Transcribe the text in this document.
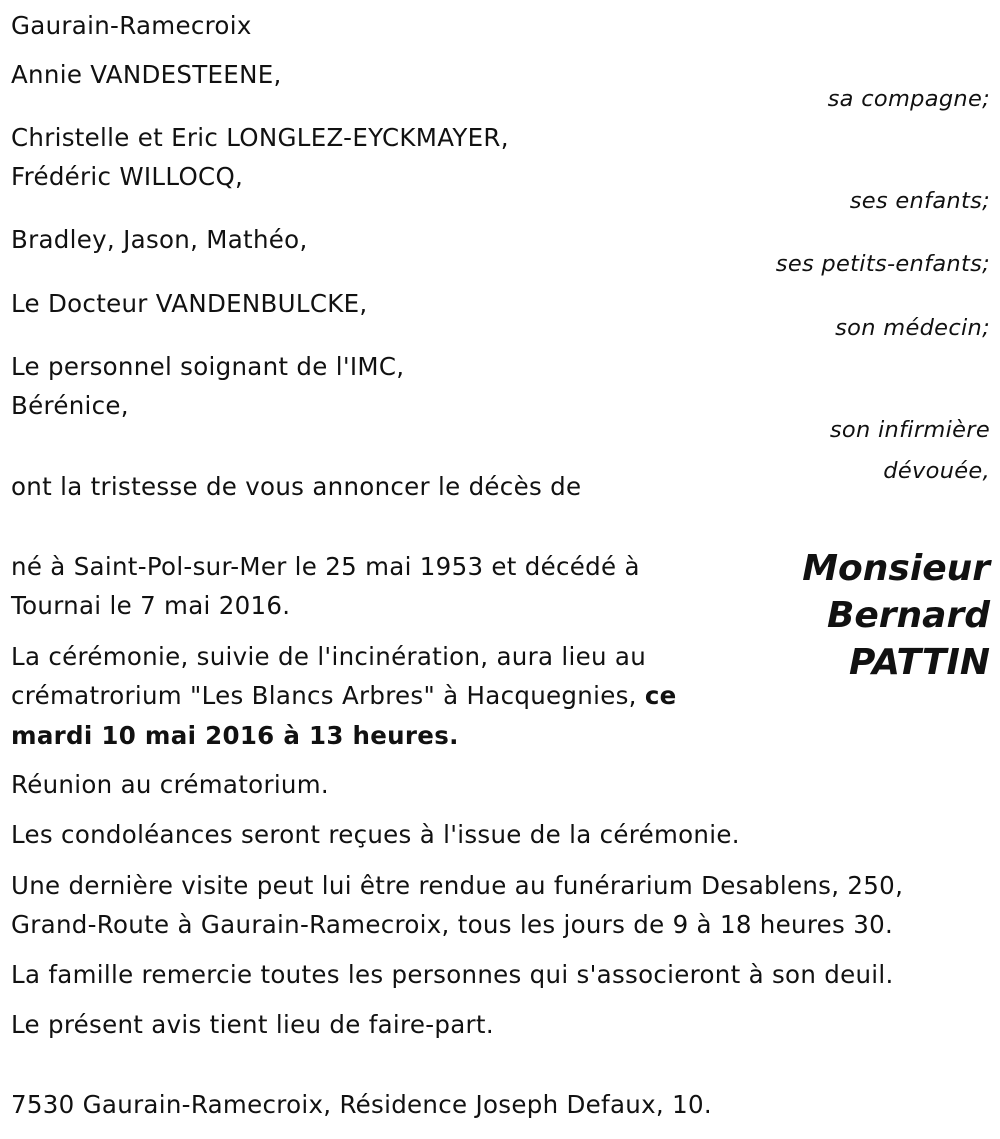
Gaurain-Ramecroix
Annie VANDESTEENE,
sa compagne;
Christelle et Eric LONGLEZ-EYCKMAYER,
Frédéric WILLOCQ,
ses enfants;
Bradley, Jason, Mathéo,
ses petits-enfants;
Le Docteur VANDENBULCKE,
son médecin;
Le personnel soignant de l'IMC,
Bérénice,
son infirmière
dévouée,
ont la tristesse de vous annoncer le décès de
Monsieur
Bernard
PATTIN
né à Saint-Pol-sur-Mer le 25 mai 1953 et décédé à
Tournai le 7 mai 2016.
La cérémonie, suivie de l'incinération, aura lieu au
crématrorium "Les Blancs Arbres" à Hacquegnies, ce
mardi 10 mai 2016 à 13 heures.
Réunion au crématorium.
Les condoléances seront reçues à l'issue de la cérémonie.
Une dernière visite peut lui être rendue au funérarium Desablens, 250,
Grand-Route à Gaurain-Ramecroix, tous les jours de 9 à 18 heures 30.
La famille remercie toutes les personnes qui s'associeront à son deuil.
Le présent avis tient lieu de faire-part.
7530 Gaurain-Ramecroix, Résidence Joseph Defaux, 10.
